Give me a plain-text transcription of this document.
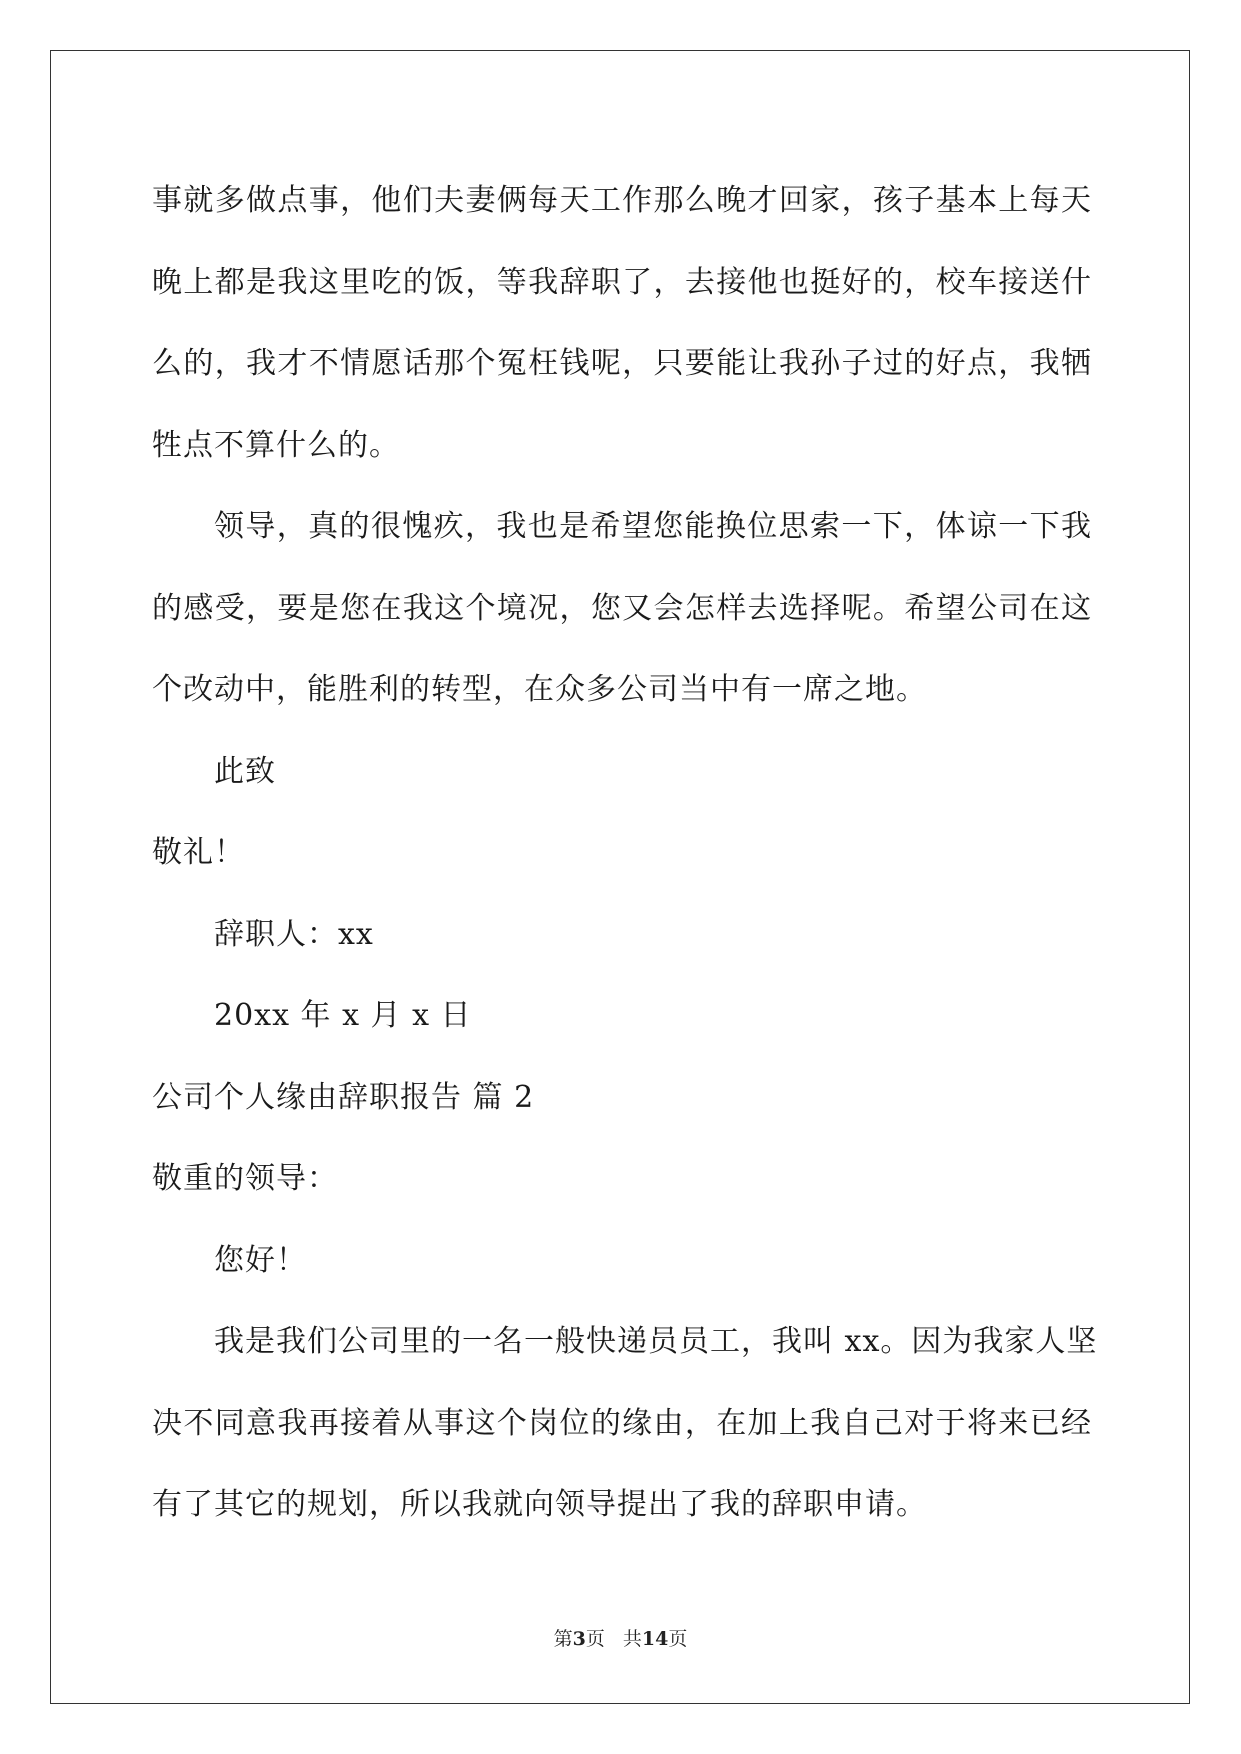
事就多做点事，他们夫妻俩每天工作那么晚才回家，孩子基本上每天
晚上都是我这里吃的饭，等我辞职了，去接他也挺好的，校车接送什
么的，我才不情愿话那个冤枉钱呢，只要能让我孙子过的好点，我牺
牲点不算什么的。
领导，真的很愧疚，我也是希望您能换位思索一下，体谅一下我
的感受，要是您在我这个境况，您又会怎样去选择呢。希望公司在这
个改动中，能胜利的转型，在众多公司当中有一席之地。
此致
敬礼！
辞职人：xx
20xx 年 x 月 x 日
公司个人缘由辞职报告 篇 2
敬重的领导：
您好！
我是我们公司里的一名一般快递员员工，我叫 xx。因为我家人坚
决不同意我再接着从事这个岗位的缘由，在加上我自己对于将来已经
有了其它的规划，所以我就向领导提出了我的辞职申请。
第3页 共14页
